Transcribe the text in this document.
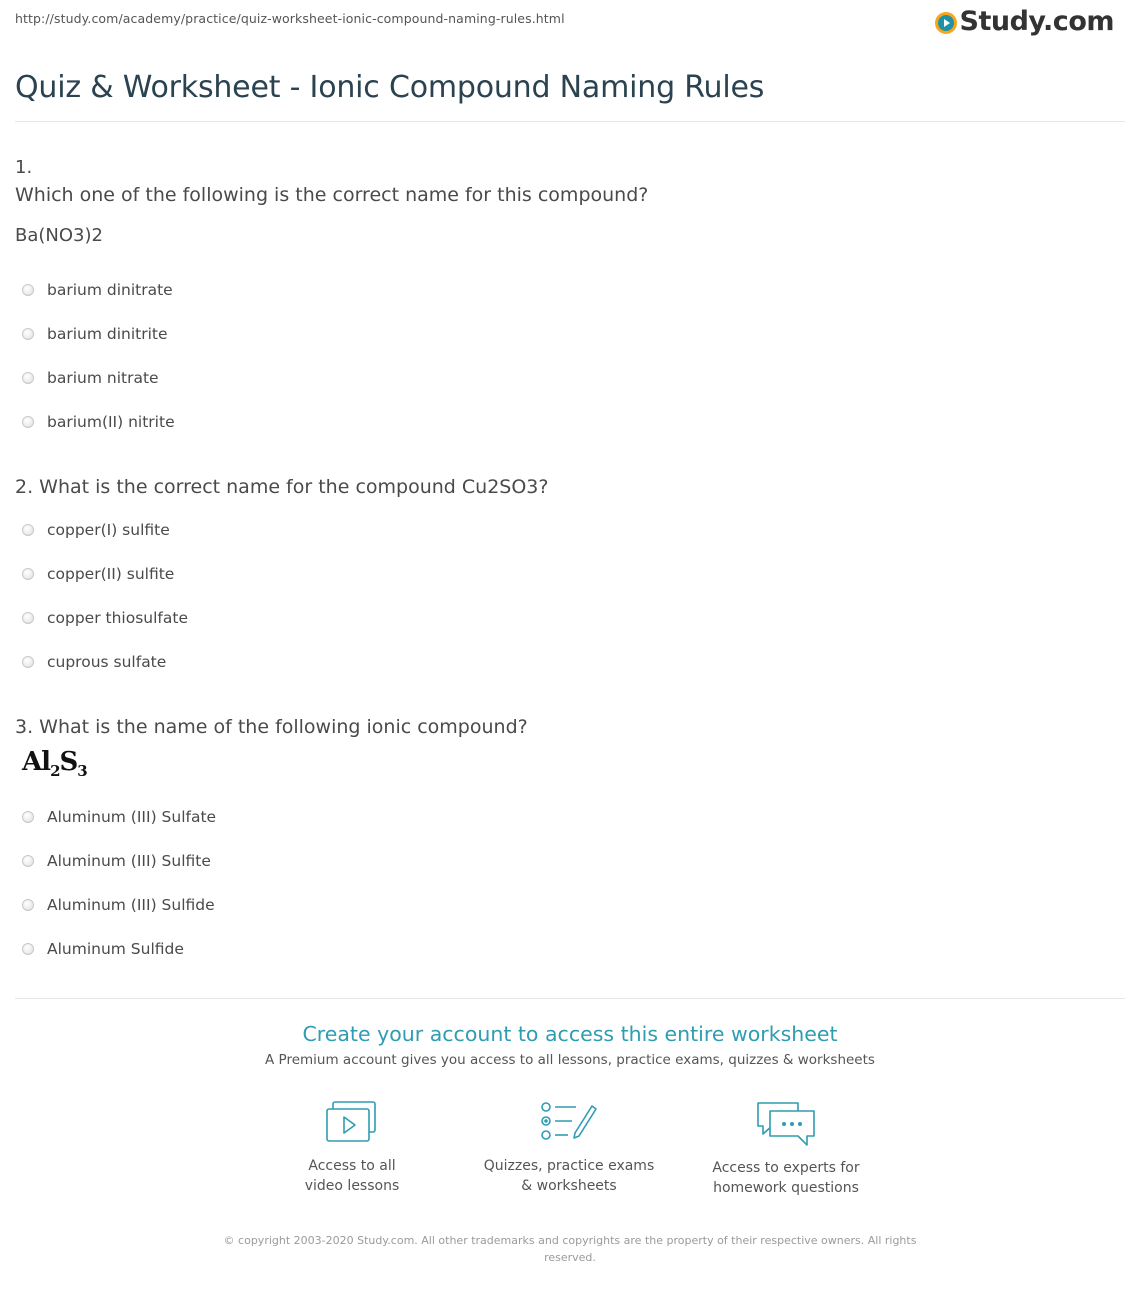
http://study.com/academy/practice/quiz-worksheet-ionic-compound-naming-rules.html	Study.com
Quiz & Worksheet - Ionic Compound Naming Rules
1.
Which one of the following is the correct name for this compound?
Ba(NO3)2
barium dinitrate
barium dinitrite
barium nitrate
barium(II) nitrite
2. What is the correct name for the compound Cu2SO3?
copper(I) sulfite
copper(II) sulfite
copper thiosulfate
cuprous sulfate
3. What is the name of the following ionic compound?
$Al_2S_3$
Aluminum (III) Sulfate
Aluminum (III) Sulfite
Aluminum (III) Sulfide
Aluminum Sulfide
Create your account to access this entire worksheet
A Premium account gives you access to all lessons, practice exams, quizzes & worksheets
Access to all
video lessons
Quizzes, practice exams
& worksheets
Access to experts for
homework questions
© copyright 2003-2020 Study.com. All other trademarks and copyrights are the property of their respective owners. All rights reserved.
